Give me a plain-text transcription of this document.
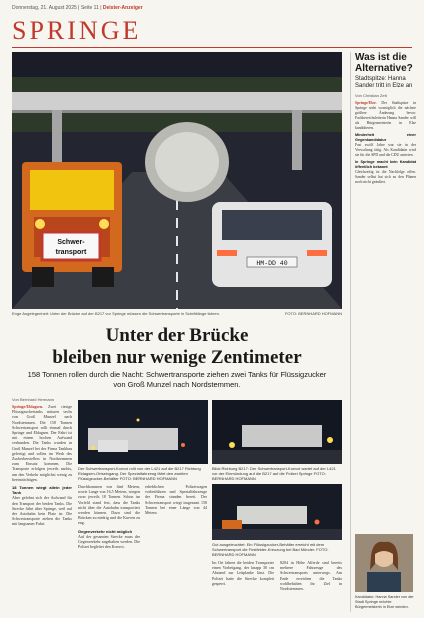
Donnerstag, 21. August 2025 | Seite 11 | Deister-Anzeiger
SPRINGE
Schwer-
transport
HM-DD 40
Enge Angelegenheit: Unter der Brücke auf der B217 vor Springe müssen die Schwertransporte in Schrittlänge fahren.	FOTO: BERNHARD HOFMANN
Unter der Brücke
bleiben nur wenige Zentimeter
158 Tonnen rollen durch die Nacht: Schwertransporte ziehen zwei Tanks für Flüssigzucker von Groß Munzel nach Nordstemmen.
Von Bernhard Hermann
Springe/Eldagsen. Zwei riesige Flüssigzuckertanks müssen sechs von Groß Munzel nach Nordstemmen. Die 158 Tonnen Schwertransport rollt einmal durch Springe und Eldagsen. Der Fahrt ist mit einem hochen Aufwand verbunden. Die Tanks wurden in Groß Munzel bei der Firma Tankbau gefertigt und sollen im Werk des Zuckerherstellers in Nordstemmen zum Einsatz kommen. Die Transporte erfolgen jeweils nachts, um den Verkehr möglichst wenig zu beeinträchtigen.
18 Tonnen wiegt allein jeder Tank
Aber gelohnt sich der Aufwand für den Transport der beiden Tanks. Die Strecke führt über Springe, weil auf der Autobahn kein Platz ist. Die Schwertransporte ziehen die Tanks mit langsamer Fahrt.
Der Schwertransport-Konvoi rollt von der L421 auf die B217 Richtung Eldagsen-Ortseingang. Der Spezialfahrzeug fährt den zweiten Flüssigzucker-Behälter FOTO: BERNHARD HOFMANN
Blick Richtung B217: Der Schwertransport-Konvoi wartet auf der L421 vor der Einmündung auf die B217 auf die Polizei Springe FOTO: BERNHARD HOFMANN
Durchkommen von fünf Metern, sowie Lange von 16,5 Metern, wiegen zwar jeweils 18 Tonnen. Schon im Vorfeld stand fest, dass die Tanks nicht über die Autobahn transportiert werden können. Dazu sind die Brücken zu niedrig und die Kurven zu eng.
Gegenverkehr nicht möglich
Auf der gesamten Strecke muss der Gegenverkehr angehalten werden. Die Polizei begleitet den Konvoi.
erheblichen Polizeiwagen vorbeiführen und Spezialfahrzeuge der Firma standen bereit. Der Schwertransport wiegt insgesamt 158 Tonnen bei einer Länge von 44 Metern.
Gut ausgeleuchtet: Ein Flüssigzucker-Behälter erreicht mit dem Schwertransport die Firstfelder-Kreuzung bei Bad Münder. FOTO: BERNHARD HOFMANN
Im Ort fahren die beiden Transporter einen Vorbeigang, der knapp 30 cm Abstand zur Leitplanke lässt. Die Polizei hatte die Strecke komplett gesperrt.
8204 in Höhe Alferde sind bereits mehrere Fahrzeuge des Schwertransports unterwegs. Am Ende erreichen die Tanks wohlbehalten ihr Ziel in Nordstemmen.
Was ist die Alternative?
Stadtspitze: Hanna Sander tritt in Elze an
Von Christian Zett
Springe/Elze. Der Stadtspitze in Springe steht womöglich die nächste größere Änderung bevor. Fachbereichsleiterin Hanna Sander will als Bürgermeisterin in Elze kandidieren.
Minderheit einer Gegenkandidatur
Fast zwölf Jahre war sie in der Verwaltung tätig. Als Kandidatin wird sie für die SPD und die CDU antreten.
In Springe macht kein Kandidat öffentlich bekannt
Gleichzeitig ist die Nachfolge offen. Sander selbst hat sich zu den Plänen noch nicht geäußert.
Kandidatur: Hanna Sander von der Stadt Springe möchte Bürgermeisterin in Elze werden.
